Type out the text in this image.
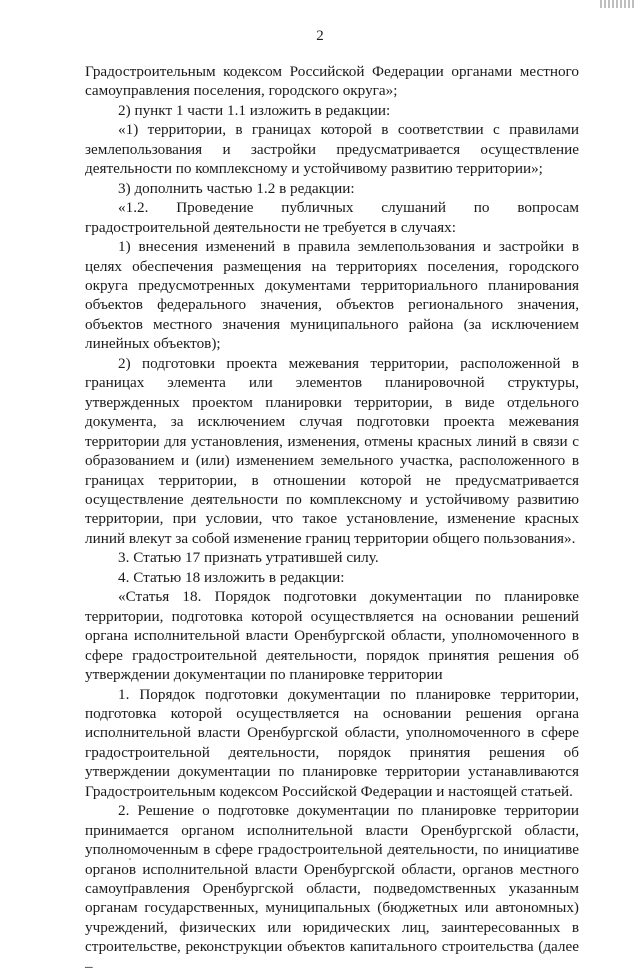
2

Градостроительным кодексом Российской Федерации органами местного самоуправления поселения, городского округа»;

2) пункт 1 части 1.1 изложить в редакции:

«1) территории, в границах которой в соответствии с правилами землепользования и застройки предусматривается осуществление деятельности по комплексному и устойчивому развитию территории»;

3) дополнить частью 1.2 в редакции:

«1.2. Проведение публичных слушаний по вопросам градостроительной деятельности не требуется в случаях:

1) внесения изменений в правила землепользования и застройки в целях обеспечения размещения на территориях поселения, городского округа предусмотренных документами территориального планирования объектов федерального значения, объектов регионального значения, объектов местного значения муниципального района (за исключением линейных объектов);

2) подготовки проекта межевания территории, расположенной в границах элемента или элементов планировочной структуры, утвержденных проектом планировки территории, в виде отдельного документа, за исключением случая подготовки проекта межевания территории для установления, изменения, отмены красных линий в связи с образованием и (или) изменением земельного участка, расположенного в границах территории, в отношении которой не предусматривается осуществление деятельности по комплексному и устойчивому развитию территории, при условии, что такое установление, изменение красных линий влекут за собой изменение границ территории общего пользования».

3. Статью 17 признать утратившей силу.

4. Статью 18 изложить в редакции:

«Статья 18. Порядок подготовки документации по планировке территории, подготовка которой осуществляется на основании решений органа исполнительной власти Оренбургской области, уполномоченного в сфере градостроительной деятельности, порядок принятия решения об утверждении документации по планировке территории

1. Порядок подготовки документации по планировке территории, подготовка которой осуществляется на основании решения органа исполнительной власти Оренбургской области, уполномоченного в сфере градостроительной деятельности, порядок принятия решения об утверждении документации по планировке территории устанавливаются Градостроительным кодексом Российской Федерации и настоящей статьей.

2. Решение о подготовке документации по планировке территории принимается органом исполнительной власти Оренбургской области, уполномоченным в сфере градостроительной деятельности, по инициативе органов исполнительной власти Оренбургской области, органов местного самоуправления Оренбургской области, подведомственных указанным органам государственных, муниципальных (бюджетных или автономных) учреждений, физических или юридических лиц, заинтересованных в строительстве, реконструкции объектов капитального строительства (далее –
